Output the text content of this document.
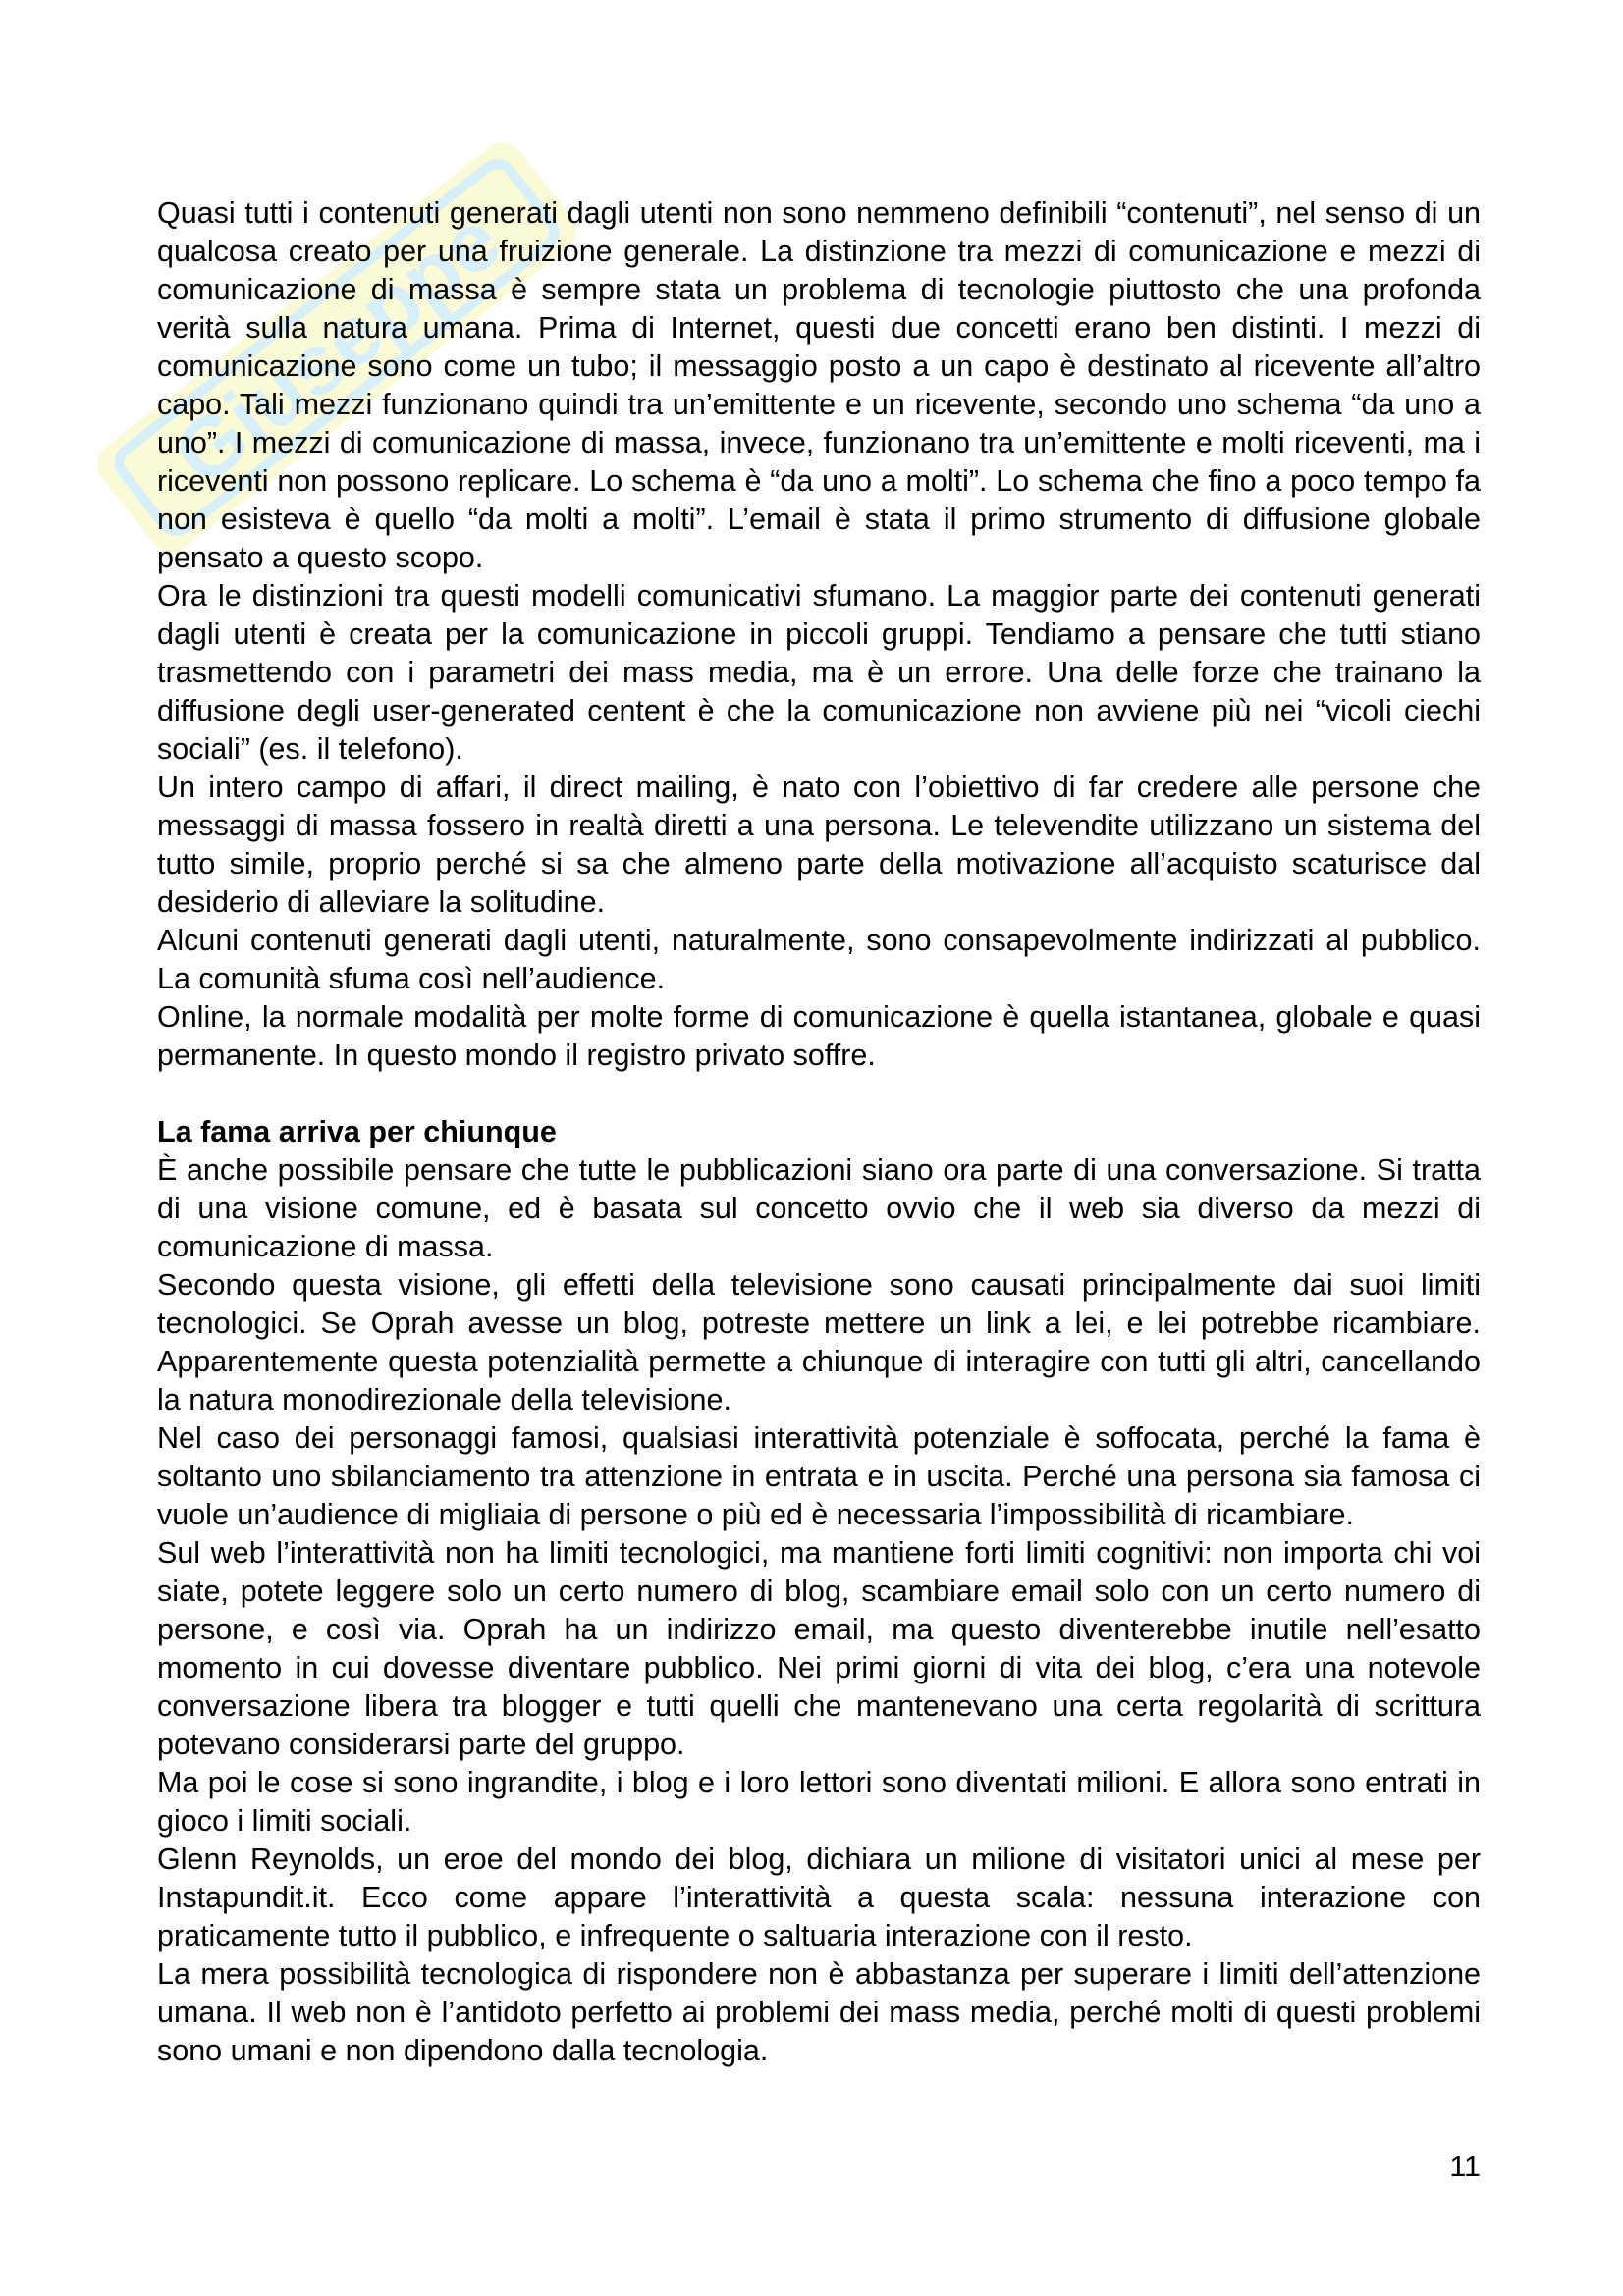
Giuseppe

Quasi tutti i contenuti generati dagli utenti non sono nemmeno definibili “contenuti”, nel senso di un qualcosa creato per una fruizione generale. La distinzione tra mezzi di comunicazione e mezzi di comunicazione di massa è sempre stata un problema di tecnologie piuttosto che una profonda verità sulla natura umana. Prima di Internet, questi due concetti erano ben distinti. I mezzi di comunicazione sono come un tubo; il messaggio posto a un capo è destinato al ricevente all’altro capo. Tali mezzi funzionano quindi tra un’emittente e un ricevente, secondo uno schema “da uno a uno”. I mezzi di comunicazione di massa, invece, funzionano tra un’emittente e molti riceventi, ma i riceventi non possono replicare. Lo schema è “da uno a molti”. Lo schema che fino a poco tempo fa non esisteva è quello “da molti a molti”. L’email è stata il primo strumento di diffusione globale pensato a questo scopo.

Ora le distinzioni tra questi modelli comunicativi sfumano. La maggior parte dei contenuti generati dagli utenti è creata per la comunicazione in piccoli gruppi. Tendiamo a pensare che tutti stiano trasmettendo con i parametri dei mass media, ma è un errore. Una delle forze che trainano la diffusione degli user-generated centent è che la comunicazione non avviene più nei “vicoli ciechi sociali” (es. il telefono).

Un intero campo di affari, il direct mailing, è nato con l’obiettivo di far credere alle persone che messaggi di massa fossero in realtà diretti a una persona. Le televendite utilizzano un sistema del tutto simile, proprio perché si sa che almeno parte della motivazione all’acquisto scaturisce dal desiderio di alleviare la solitudine.

Alcuni contenuti generati dagli utenti, naturalmente, sono consapevolmente indirizzati al pubblico. La comunità sfuma così nell’audience.

Online, la normale modalità per molte forme di comunicazione è quella istantanea, globale e quasi permanente. In questo mondo il registro privato soffre.

La fama arriva per chiunque

È anche possibile pensare che tutte le pubblicazioni siano ora parte di una conversazione. Si tratta di una visione comune, ed è basata sul concetto ovvio che il web sia diverso da mezzi di comunicazione di massa.

Secondo questa visione, gli effetti della televisione sono causati principalmente dai suoi limiti tecnologici. Se Oprah avesse un blog, potreste mettere un link a lei, e lei potrebbe ricambiare. Apparentemente questa potenzialità permette a chiunque di interagire con tutti gli altri, cancellando la natura monodirezionale della televisione.

Nel caso dei personaggi famosi, qualsiasi interattività potenziale è soffocata, perché la fama è soltanto uno sbilanciamento tra attenzione in entrata e in uscita. Perché una persona sia famosa ci vuole un’audience di migliaia di persone o più ed è necessaria l’impossibilità di ricambiare.

Sul web l’interattività non ha limiti tecnologici, ma mantiene forti limiti cognitivi: non importa chi voi siate, potete leggere solo un certo numero di blog, scambiare email solo con un certo numero di persone, e così via. Oprah ha un indirizzo email, ma questo diventerebbe inutile nell’esatto momento in cui dovesse diventare pubblico. Nei primi giorni di vita dei blog, c’era una notevole conversazione libera tra blogger e tutti quelli che mantenevano una certa regolarità di scrittura potevano considerarsi parte del gruppo.

Ma poi le cose si sono ingrandite, i blog e i loro lettori sono diventati milioni. E allora sono entrati in gioco i limiti sociali.

Glenn Reynolds, un eroe del mondo dei blog, dichiara un milione di visitatori unici al mese per Instapundit.it. Ecco come appare l’interattività a questa scala: nessuna interazione con praticamente tutto il pubblico, e infrequente o saltuaria interazione con il resto.

La mera possibilità tecnologica di rispondere non è abbastanza per superare i limiti dell’attenzione umana. Il web non è l’antidoto perfetto ai problemi dei mass media, perché molti di questi problemi sono umani e non dipendono dalla tecnologia.

11
